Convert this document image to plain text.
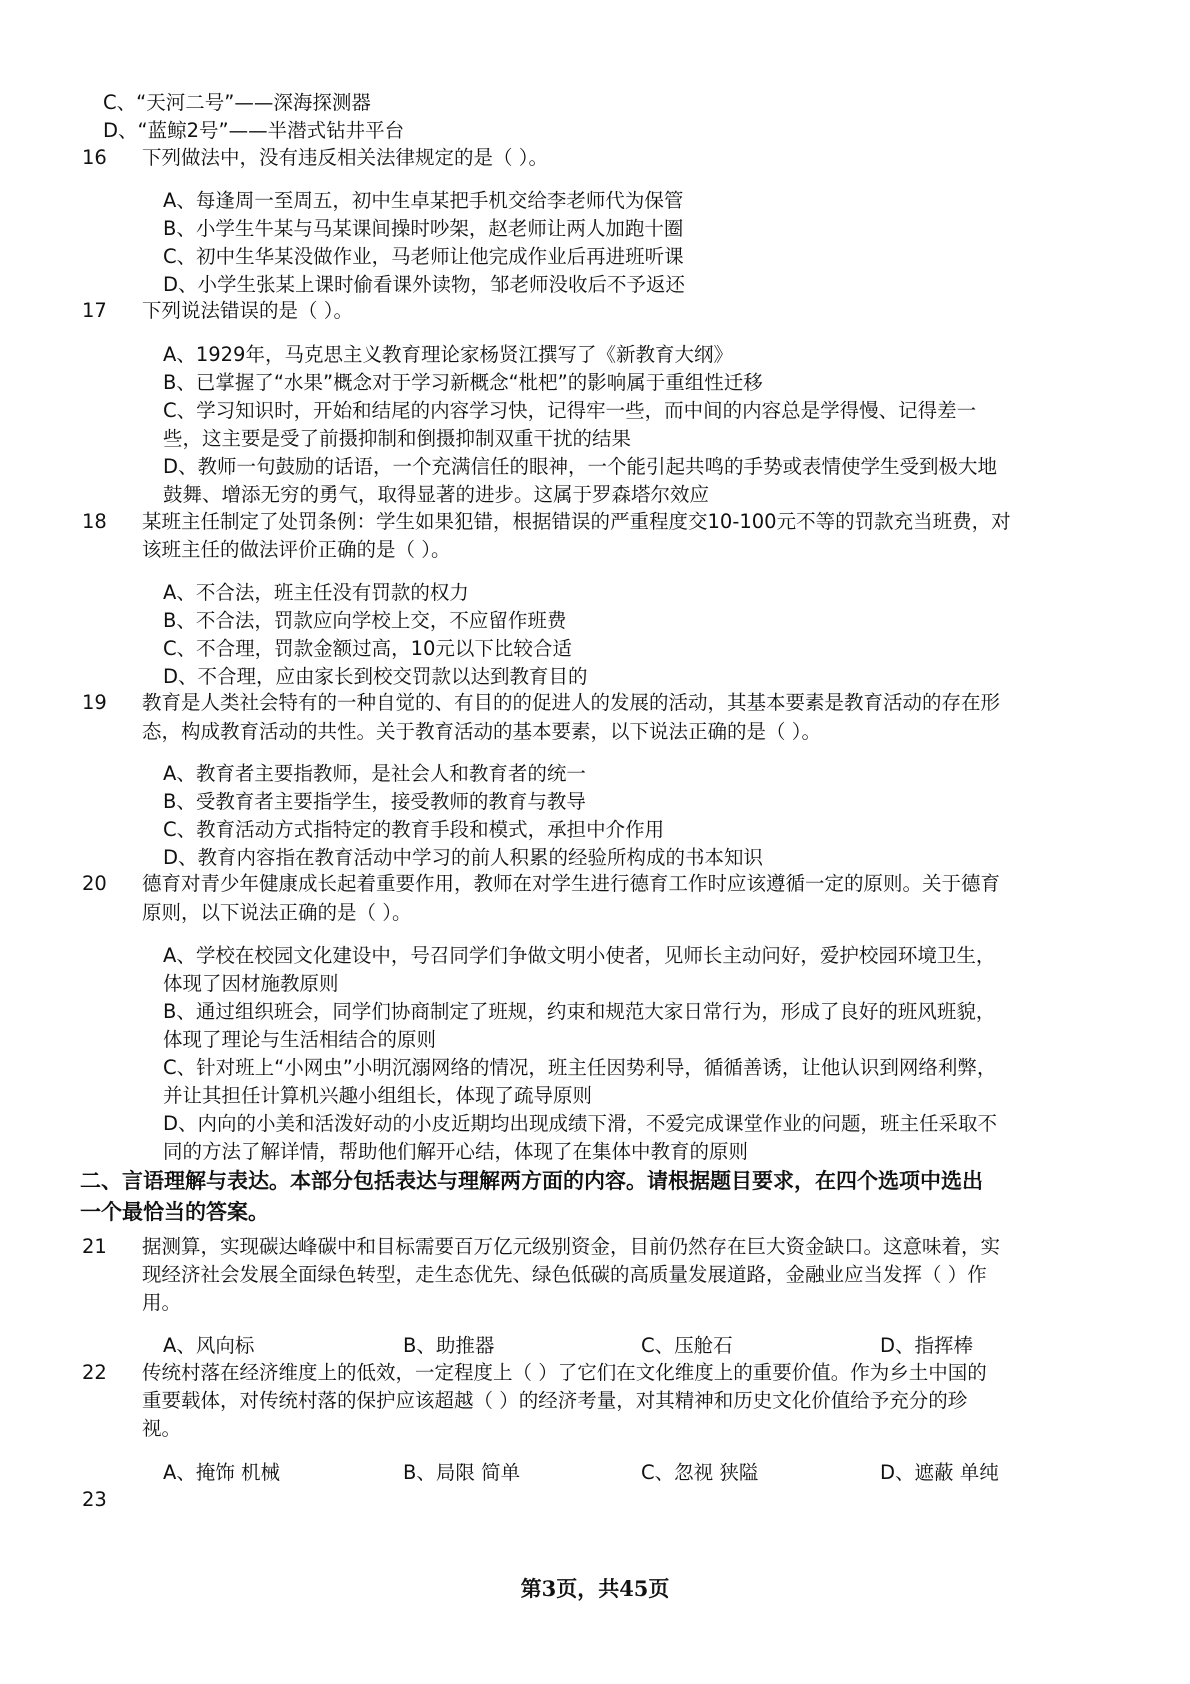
C、“天河二号”——深海探测器
D、“蓝鲸2号”——半潜式钻井平台
16 下列做法中，没有违反相关法律规定的是（ ）。
A、每逢周一至周五，初中生卓某把手机交给李老师代为保管
B、小学生牛某与马某课间操时吵架，赵老师让两人加跑十圈
C、初中生华某没做作业，马老师让他完成作业后再进班听课
D、小学生张某上课时偷看课外读物，邹老师没收后不予返还
17 下列说法错误的是（ ）。
A、1929年，马克思主义教育理论家杨贤江撰写了《新教育大纲》
B、已掌握了“水果”概念对于学习新概念“枇杷”的影响属于重组性迁移
C、学习知识时，开始和结尾的内容学习快，记得牢一些，而中间的内容总是学得慢、记得差一
些，这主要是受了前摄抑制和倒摄抑制双重干扰的结果
D、教师一句鼓励的话语，一个充满信任的眼神，一个能引起共鸣的手势或表情使学生受到极大地
鼓舞、增添无穷的勇气，取得显著的进步。这属于罗森塔尔效应
18 某班主任制定了处罚条例：学生如果犯错，根据错误的严重程度交10-100元不等的罚款充当班费，对
该班主任的做法评价正确的是（ ）。
A、不合法，班主任没有罚款的权力
B、不合法，罚款应向学校上交，不应留作班费
C、不合理，罚款金额过高，10元以下比较合适
D、不合理，应由家长到校交罚款以达到教育目的
19 教育是人类社会特有的一种自觉的、有目的的促进人的发展的活动，其基本要素是教育活动的存在形
态，构成教育活动的共性。关于教育活动的基本要素，以下说法正确的是（ ）。
A、教育者主要指教师，是社会人和教育者的统一
B、受教育者主要指学生，接受教师的教育与教导
C、教育活动方式指特定的教育手段和模式，承担中介作用
D、教育内容指在教育活动中学习的前人积累的经验所构成的书本知识
20 德育对青少年健康成长起着重要作用，教师在对学生进行德育工作时应该遵循一定的原则。关于德育
原则，以下说法正确的是（ ）。
A、学校在校园文化建设中，号召同学们争做文明小使者，见师长主动问好，爱护校园环境卫生，
体现了因材施教原则
B、通过组织班会，同学们协商制定了班规，约束和规范大家日常行为，形成了良好的班风班貌，
体现了理论与生活相结合的原则
C、针对班上“小网虫”小明沉溺网络的情况，班主任因势利导，循循善诱，让他认识到网络利弊，
并让其担任计算机兴趣小组组长，体现了疏导原则
D、内向的小美和活泼好动的小皮近期均出现成绩下滑，不爱完成课堂作业的问题，班主任采取不
同的方法了解详情，帮助他们解开心结，体现了在集体中教育的原则
二、言语理解与表达。本部分包括表达与理解两方面的内容。请根据题目要求，在四个选项中选出
一个最恰当的答案。
21 据测算，实现碳达峰碳中和目标需要百万亿元级别资金，目前仍然存在巨大资金缺口。这意味着，实
现经济社会发展全面绿色转型，走生态优先、绿色低碳的高质量发展道路，金融业应当发挥（ ）作
用。
A、风向标	B、助推器	C、压舱石	D、指挥棒
22 传统村落在经济维度上的低效，一定程度上（ ）了它们在文化维度上的重要价值。作为乡土中国的
重要载体，对传统村落的保护应该超越（ ）的经济考量，对其精神和历史文化价值给予充分的珍
视。
A、掩饰 机械	B、局限 简单	C、忽视 狭隘	D、遮蔽 单纯
23
第3页，共45页
